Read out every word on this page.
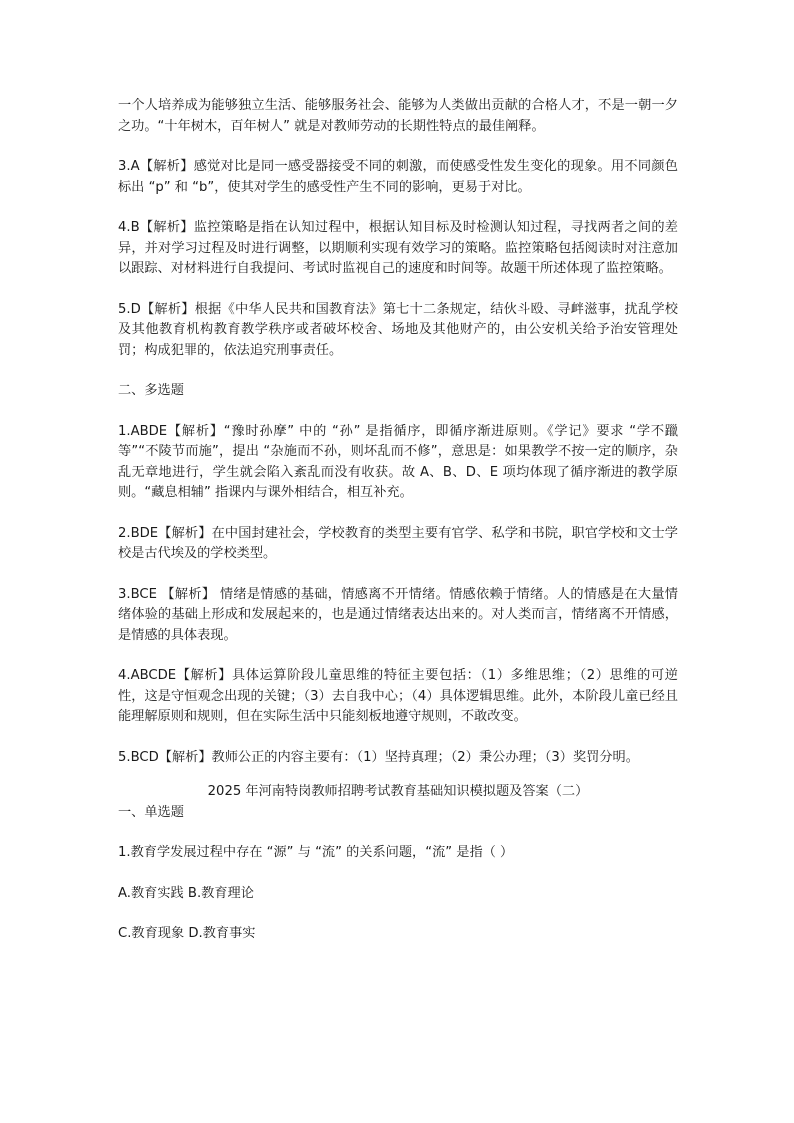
一个人培养成为能够独立生活、能够服务社会、能够为人类做出贡献的合格人才，不是一朝一夕之功。“十年树木，百年树人” 就是对教师劳动的长期性特点的最佳阐释。

3.A【解析】感觉对比是同一感受器接受不同的刺激，而使感受性发生变化的现象。用不同颜色标出 “p” 和 “b”，使其对学生的感受性产生不同的影响，更易于对比。

4.B【解析】监控策略是指在认知过程中，根据认知目标及时检测认知过程，寻找两者之间的差异，并对学习过程及时进行调整，以期顺利实现有效学习的策略。监控策略包括阅读时对注意加以跟踪、对材料进行自我提问、考试时监视自己的速度和时间等。故题干所述体现了监控策略。

5.D【解析】根据《中华人民共和国教育法》第七十二条规定，结伙斗殴、寻衅滋事，扰乱学校及其他教育机构教育教学秩序或者破坏校舍、场地及其他财产的，由公安机关给予治安管理处罚；构成犯罪的，依法追究刑事责任。

二、多选题

1.ABDE【解析】“豫时孙摩” 中的 “孙” 是指循序，即循序渐进原则。《学记》要求 “学不躐等”“不陵节而施”，提出 “杂施而不孙，则坏乱而不修”，意思是：如果教学不按一定的顺序，杂乱无章地进行，学生就会陷入紊乱而没有收获。故 A、B、D、E 项均体现了循序渐进的教学原则。“藏息相辅” 指课内与课外相结合，相互补充。

2.BDE【解析】在中国封建社会，学校教育的类型主要有官学、私学和书院，职官学校和文士学校是古代埃及的学校类型。

3.BCE 【解析】 情绪是情感的基础，情感离不开情绪。情感依赖于情绪。人的情感是在大量情绪体验的基础上形成和发展起来的，也是通过情绪表达出来的。对人类而言，情绪离不开情感，是情感的具体表现。

4.ABCDE【解析】具体运算阶段儿童思维的特征主要包括：（1）多维思维；（2）思维的可逆性，这是守恒观念出现的关键；（3）去自我中心；（4）具体逻辑思维。此外，本阶段儿童已经且能理解原则和规则，但在实际生活中只能刻板地遵守规则，不敢改变。

5.BCD【解析】教师公正的内容主要有：（1）坚持真理；（2）秉公办理；（3）奖罚分明。

2025 年河南特岗教师招聘考试教育基础知识模拟题及答案（二）

一、单选题

1.教育学发展过程中存在 “源” 与 “流” 的关系问题，“流” 是指（ ）

A.教育实践 B.教育理论

C.教育现象 D.教育事实
